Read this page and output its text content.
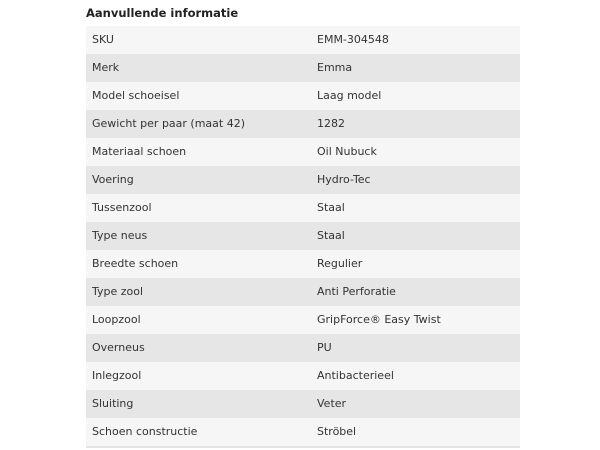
Aanvullende informatie
SKU	EMM-304548
Merk	Emma
Model schoeisel	Laag model
Gewicht per paar (maat 42)	1282
Materiaal schoen	Oil Nubuck
Voering	Hydro-Tec
Tussenzool	Staal
Type neus	Staal
Breedte schoen	Regulier
Type zool	Anti Perforatie
Loopzool	GripForce® Easy Twist
Overneus	PU
Inlegzool	Antibacterieel
Sluiting	Veter
Schoen constructie	Ströbel
